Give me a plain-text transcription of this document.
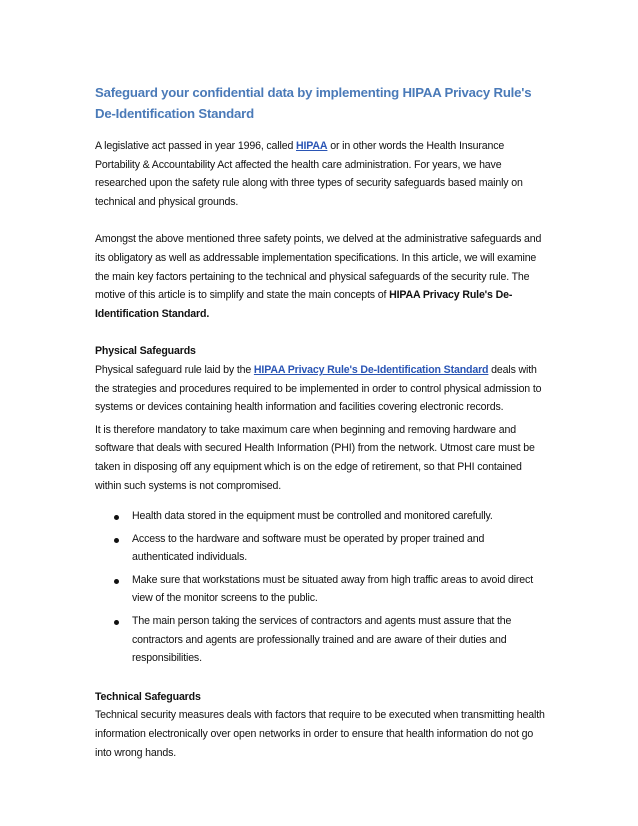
Safeguard your confidential data by implementing HIPAA Privacy Rule's De-Identification Standard

A legislative act passed in year 1996, called HIPAA or in other words the Health Insurance Portability & Accountability Act affected the health care administration. For years, we have researched upon the safety rule along with three types of security safeguards based mainly on technical and physical grounds.

Amongst the above mentioned three safety points, we delved at the administrative safeguards and its obligatory as well as addressable implementation specifications. In this article, we will examine the main key factors pertaining to the technical and physical safeguards of the security rule. The motive of this article is to simplify and state the main concepts of HIPAA Privacy Rule's De-Identification Standard.

Physical Safeguards

Physical safeguard rule laid by the HIPAA Privacy Rule's De-Identification Standard deals with the strategies and procedures required to be implemented in order to control physical admission to systems or devices containing health information and facilities covering electronic records.

It is therefore mandatory to take maximum care when beginning and removing hardware and software that deals with secured Health Information (PHI) from the network. Utmost care must be taken in disposing off any equipment which is on the edge of retirement, so that PHI contained within such systems is not compromised.

Health data stored in the equipment must be controlled and monitored carefully.
Access to the hardware and software must be operated by proper trained and authenticated individuals.
Make sure that workstations must be situated away from high traffic areas to avoid direct view of the monitor screens to the public.
The main person taking the services of contractors and agents must assure that the contractors and agents are professionally trained and are aware of their duties and responsibilities.
Technical Safeguards

Technical security measures deals with factors that require to be executed when transmitting health information electronically over open networks in order to ensure that health information do not go into wrong hands.
